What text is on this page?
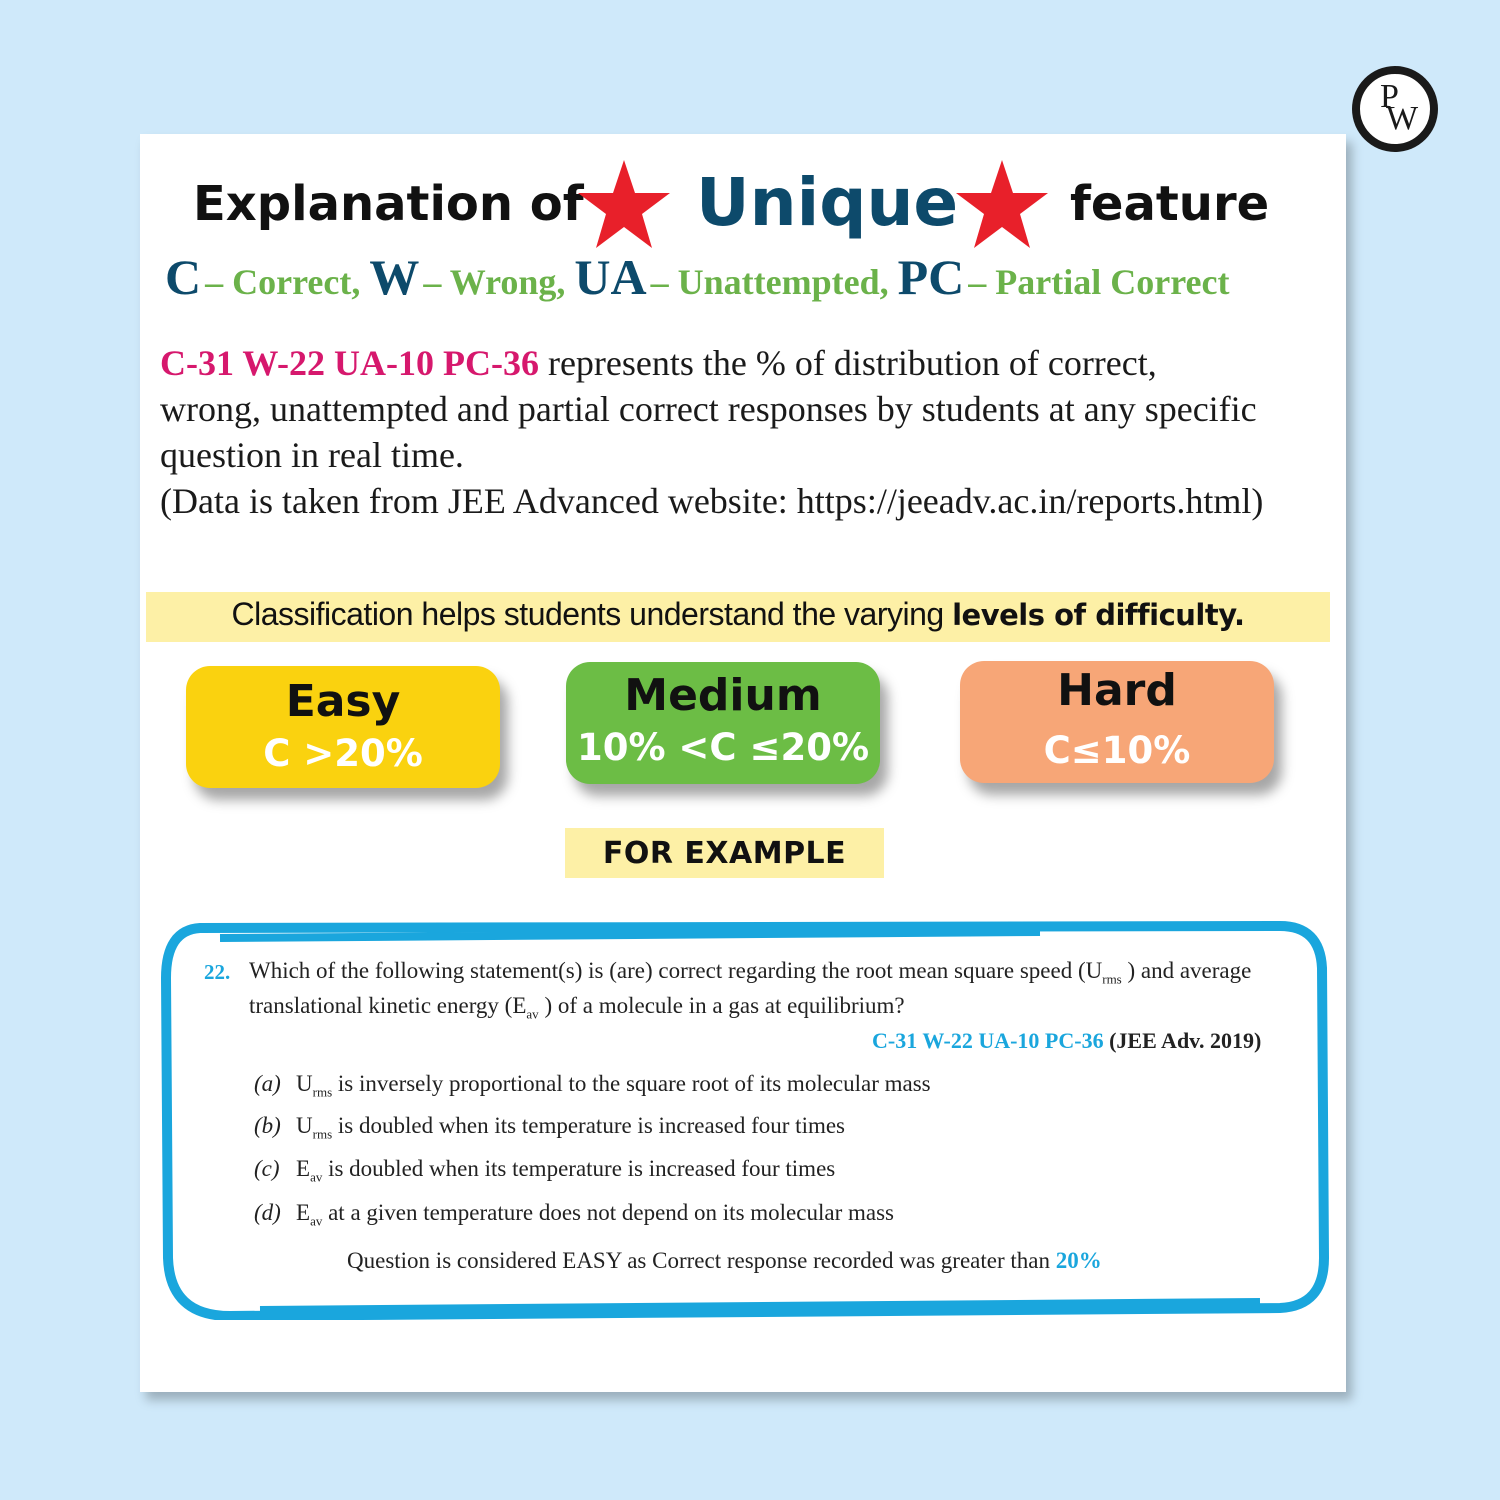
P
W
Explanation of Unique feature
C – Correct, W – Wrong, UA – Unattempted, PC – Partial Correct
C-31 W-22 UA-10 PC-36 represents the % of distribution of correct,
wrong, unattempted and partial correct responses by students at any specific
question in real time.
(Data is taken from JEE Advanced website: https://jeeadv.ac.in/reports.html)
Classification helps students understand the varying levels of difficulty.
Easy
C >20%
Medium
10% <C ≤20%
Hard
C≤10%
FOR EXAMPLE
22. Which of the following statement(s) is (are) correct regarding the root mean square speed ($U_{rms}$ ) and average
translational kinetic energy ($E_{av}$ ) of a molecule in a gas at equilibrium?
C-31 W-22 UA-10 PC-36 (JEE Adv. 2019)
(a) $U_{rms}$ is inversely proportional to the square root of its molecular mass
(b) $U_{rms}$ is doubled when its temperature is increased four times
(c) $E_{av}$ is doubled when its temperature is increased four times
(d) $E_{av}$ at a given temperature does not depend on its molecular mass
Question is considered EASY as Correct response recorded was greater than 20%
